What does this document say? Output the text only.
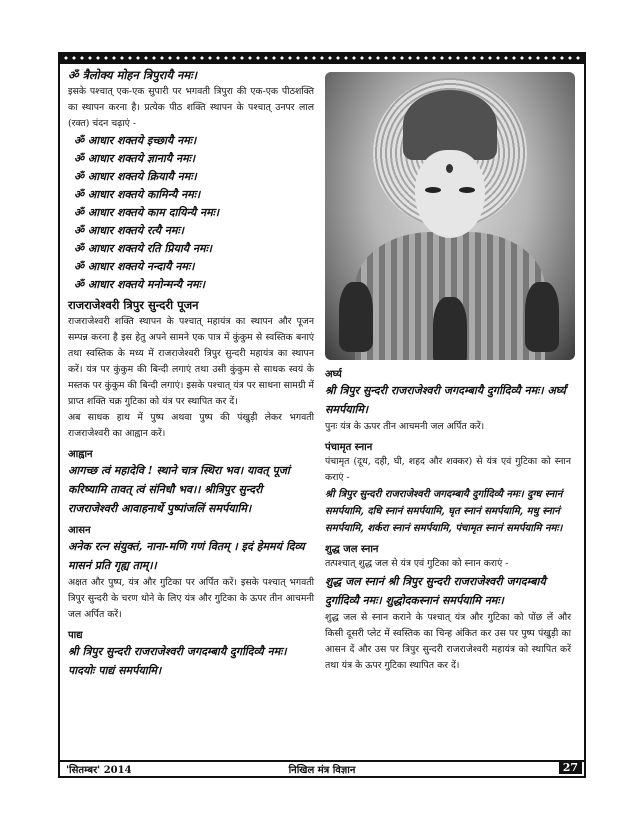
ॐ त्रैलोक्य मोहन त्रिपुरायै नमः।

इसके पश्चात् एक-एक सुपारी पर भगवती त्रिपुरा की एक-एक पीठशक्ति का स्थापन करना है। प्रत्येक पीठ शक्ति स्थापन के पश्चात् उनपर लाल (रक्त) चंदन चढ़ाएं -

ॐ आधार शक्तये इच्छायै नमः।

ॐ आधार शक्तये ज्ञानायै नमः।

ॐ आधार शक्तये क्रियायै नमः।

ॐ आधार शक्तये कामिन्यै नमः।

ॐ आधार शक्तये काम दायिन्यै नमः।

ॐ आधार शक्तये रत्यै नमः।

ॐ आधार शक्तये रति प्रियायै नमः।

ॐ आधार शक्तये नन्दायै नमः।

ॐ आधार शक्तये मनोन्मन्यै नमः।

राजराजेश्वरी त्रिपुर सुन्दरी पूजन

राजराजेश्वरी शक्ति स्थापन के पश्चात् महायंत्र का स्थापन और पूजन सम्पन्न करना है इस हेतु अपने सामने एक पात्र में कुंकुम से स्वस्तिक बनाएं तथा स्वस्तिक के मध्य में राजराजेश्वरी त्रिपुर सुन्दरी महायंत्र का स्थापन करें। यंत्र पर कुंकुम की बिन्दी लगाएं तथा उसी कुंकुम से साधक स्वयं के मस्तक पर कुंकुम की बिन्दी लगाएं। इसके पश्चात् यंत्र पर साधना सामग्री में प्राप्त शक्ति चक्र गुटिका को यंत्र पर स्थापित कर दें।

अब साधक हाथ में पुष्प अथवा पुष्प की पंखुड़ी लेकर भगवती राजराजेश्वरी का आह्वान करें।

आह्वान

आगच्छ त्वं महादेवि ! स्थाने चात्र स्थिरा भव। यावत् पूजां करिष्यामि तावत् त्वं संनिधौ भव।। श्रीत्रिपुर सुन्दरी राजराजेश्वरी आवाहनार्थे पुष्पांजलिं समर्पयामि।

आसन

अनेक रत्न संयुक्तं, नाना-मणि गणं वितम् । इदं हेममयं दिव्य मासनं प्रति गृह्य ताम्।।

अक्षत और पुष्प, यंत्र और गुटिका पर अर्पित करें। इसके पश्चात् भगवती त्रिपुर सुन्दरी के चरण धोने के लिए यंत्र और गुटिका के ऊपर तीन आचमनी जल अर्पित करें।

पाद्य

श्री त्रिपुर सुन्दरी राजराजेश्वरी जगदम्बायै दुर्गादिव्यै नमः। पादयोः पाद्यं समर्पयामि।

अर्घ्य

श्री त्रिपुर सुन्दरी राजराजेश्वरी जगदम्बायै दुर्गादिव्यै नमः। अर्घ्यं समर्पयामि।

पुनः यंत्र के ऊपर तीन आचमनी जल अर्पित करें।

पंचामृत स्नान

पंचामृत (दूध, दही, घी, शहद और शक्कर) से यंत्र एवं गुटिका को स्नान कराएं -

श्री त्रिपुर सुन्दरी राजराजेश्वरी जगदम्बायै दुर्गादिव्यै नमः। दुग्ध स्नानं समर्पयामि, दधि स्नानं समर्पयामि, घृत स्नानं समर्पयामि, मधु स्नानं समर्पयामि, शर्करा स्नानं समर्पयामि, पंचामृत स्नानं समर्पयामि नमः।

शुद्ध जल स्नान

तत्पश्चात् शुद्ध जल से यंत्र एवं गुटिका को स्नान कराएं -

शुद्ध जल स्नानं श्री त्रिपुर सुन्दरी राजराजेश्वरी जगदम्बायै दुर्गादिव्यै नमः। शुद्धोदकस्नानं समर्पयामि नमः।

शुद्ध जल से स्नान कराने के पश्चात् यंत्र और गुटिका को पोंछ लें और किसी दूसरी प्लेट में स्वस्तिक का चिन्ह अंकित कर उस पर पुष्प पंखुड़ी का आसन दें और उस पर त्रिपुर सुन्दरी राजराजेश्वरी महायंत्र को स्थापित करें तथा यंत्र के ऊपर गुटिका स्थापित कर दें।

'सितम्बर' 2014	निखिल मंत्र विज्ञान	27
